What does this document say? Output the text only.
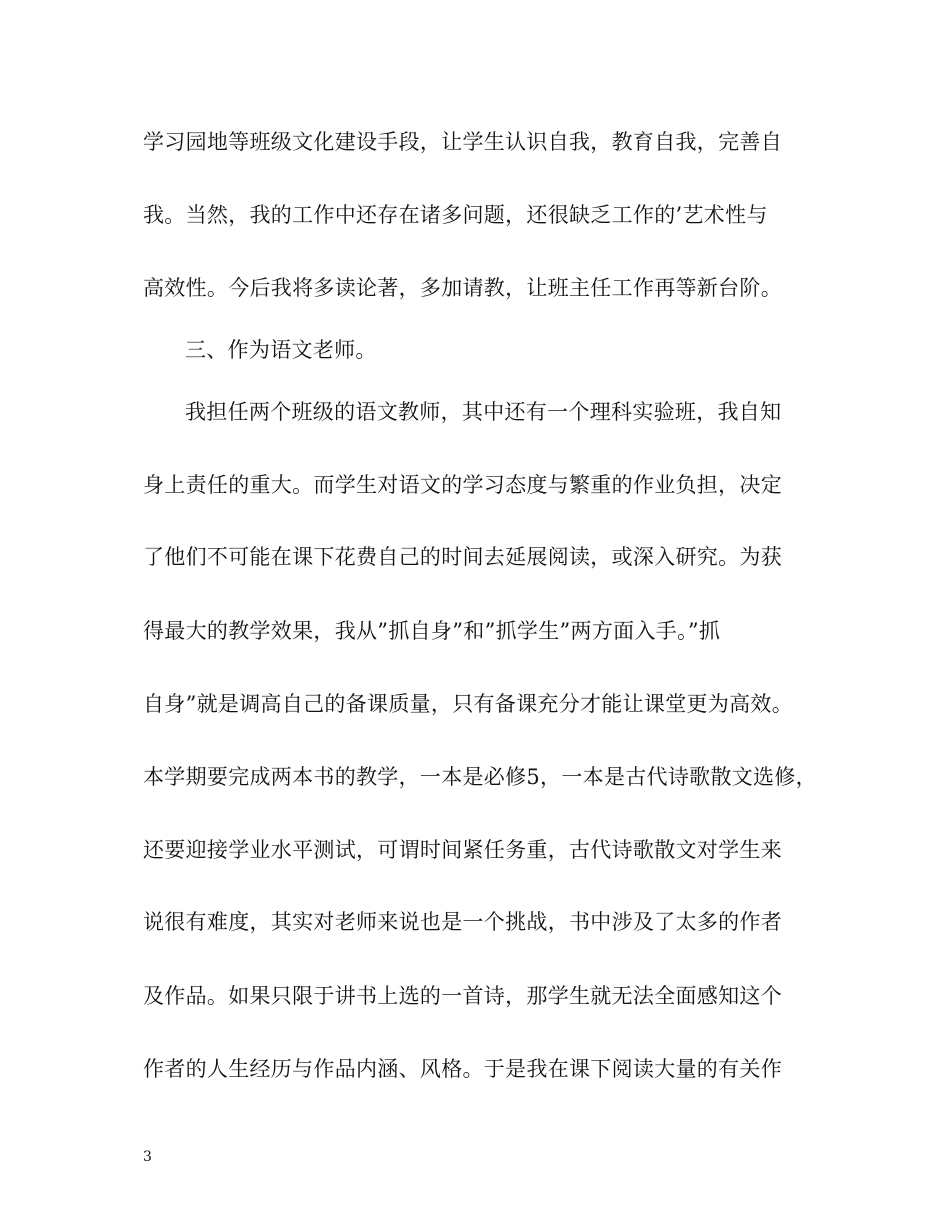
学习园地等班级文化建设手段，让学生认识自我，教育自我，完善自
我。当然，我的工作中还存在诸多问题，还很缺乏工作的’艺术性与
高效性。今后我将多读论著，多加请教，让班主任工作再等新台阶。
三、作为语文老师。
我担任两个班级的语文教师，其中还有一个理科实验班，我自知
身上责任的重大。而学生对语文的学习态度与繁重的作业负担，决定
了他们不可能在课下花费自己的时间去延展阅读，或深入研究。为获
得最大的教学效果，我从”抓自身”和”抓学生”两方面入手。”抓
自身”就是调高自己的备课质量，只有备课充分才能让课堂更为高效。
本学期要完成两本书的教学，一本是必修5，一本是古代诗歌散文选修，
还要迎接学业水平测试，可谓时间紧任务重，古代诗歌散文对学生来
说很有难度，其实对老师来说也是一个挑战，书中涉及了太多的作者
及作品。如果只限于讲书上选的一首诗，那学生就无法全面感知这个
作者的人生经历与作品内涵、风格。于是我在课下阅读大量的有关作
3
